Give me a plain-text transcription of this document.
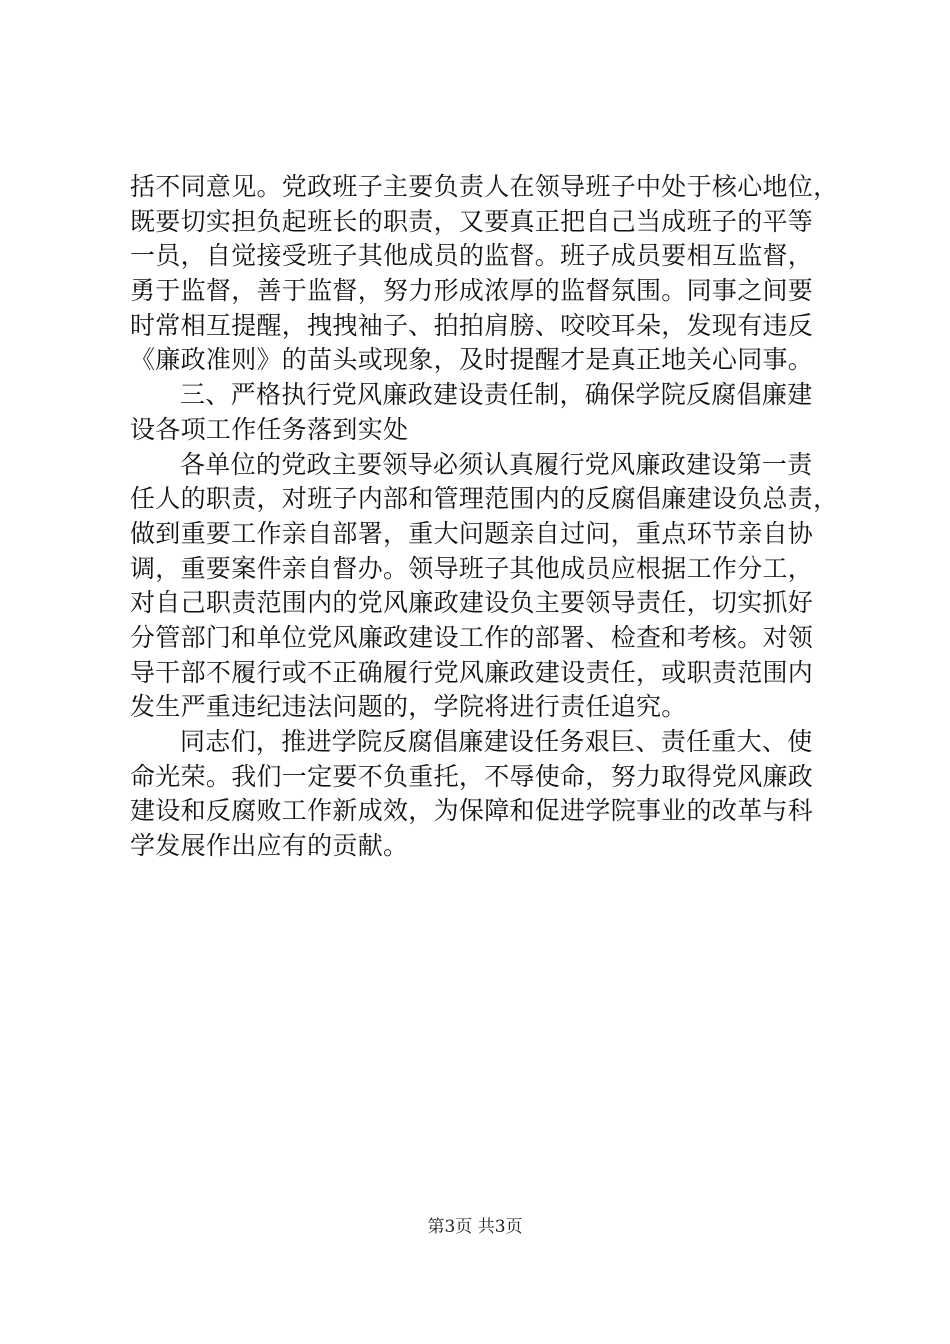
括不同意见。党政班子主要负责人在领导班子中处于核心地位，
既要切实担负起班长的职责，又要真正把自己当成班子的平等
一员，自觉接受班子其他成员的监督。班子成员要相互监督，
勇于监督，善于监督，努力形成浓厚的监督氛围。同事之间要
时常相互提醒，拽拽袖子、拍拍肩膀、咬咬耳朵，发现有违反
《廉政准则》的苗头或现象，及时提醒才是真正地关心同事。
三、严格执行党风廉政建设责任制，确保学院反腐倡廉建
设各项工作任务落到实处
各单位的党政主要领导必须认真履行党风廉政建设第一责
任人的职责，对班子内部和管理范围内的反腐倡廉建设负总责，
做到重要工作亲自部署，重大问题亲自过问，重点环节亲自协
调，重要案件亲自督办。领导班子其他成员应根据工作分工，
对自己职责范围内的党风廉政建设负主要领导责任，切实抓好
分管部门和单位党风廉政建设工作的部署、检查和考核。对领
导干部不履行或不正确履行党风廉政建设责任，或职责范围内
发生严重违纪违法问题的，学院将进行责任追究。
同志们，推进学院反腐倡廉建设任务艰巨、责任重大、使
命光荣。我们一定要不负重托，不辱使命，努力取得党风廉政
建设和反腐败工作新成效，为保障和促进学院事业的改革与科
学发展作出应有的贡献。
第3页 共3页
